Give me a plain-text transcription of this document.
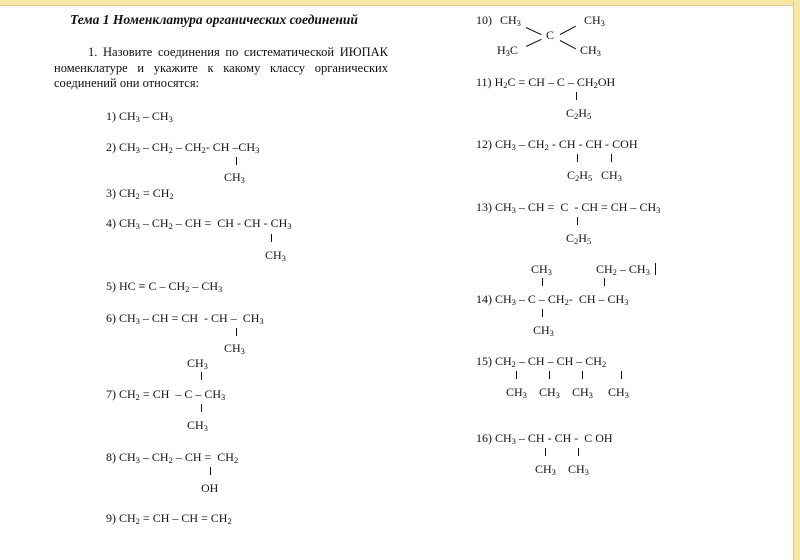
Тема 1 Номенклатура органических соединений

1. Назовите соединения по систематической ИЮПАК номенклатуре и укажите к какому классу органических соединений они относятся:

1) $CH_3 - CH_3$
2) $CH_3 - CH_2 - CH_2-$ CH $-CH_3$
$CH_3$
3) $CH_2 = CH_2$
4) $CH_3 - CH_2$ – CH =  CH - CH - $CH_3$
$CH_3$
5) HC ≡ C – $CH_2 - CH_3$
6) $CH_3$ – CH = CH  - CH –  $CH_3$
$CH_3$
$CH_3$
7) $CH_2$ = CH  – C – $CH_3$
$CH_3$
8) $CH_3 - CH_2$ – CH =  $CH_2$
OH
9) $CH_2$ = CH – CH = $CH_2$
10) $CH_3$	$CH_3$
C
$H_3C$	$CH_3$
11) $H_2C$ = CH – C – $CH_2OH$
$C_2H_5$
12) $CH_3 - CH_2$ - CH - CH - COH
$C_2H_5$ $CH_3$
13) $CH_3$ – CH =  C  - CH = CH – $CH_3$
$C_2H_5$
$CH_3$	$CH_2 - CH_3$
14) $CH_3$ – C – $CH_2-$  CH – $CH_3$
$CH_3$
15) $CH_2$ – CH – CH – $CH_2$
$CH_3$ $CH_3$ $CH_3$ $CH_3$
16) $CH_3$ – CH - CH -  C OH
$CH_3$ $CH_3$
